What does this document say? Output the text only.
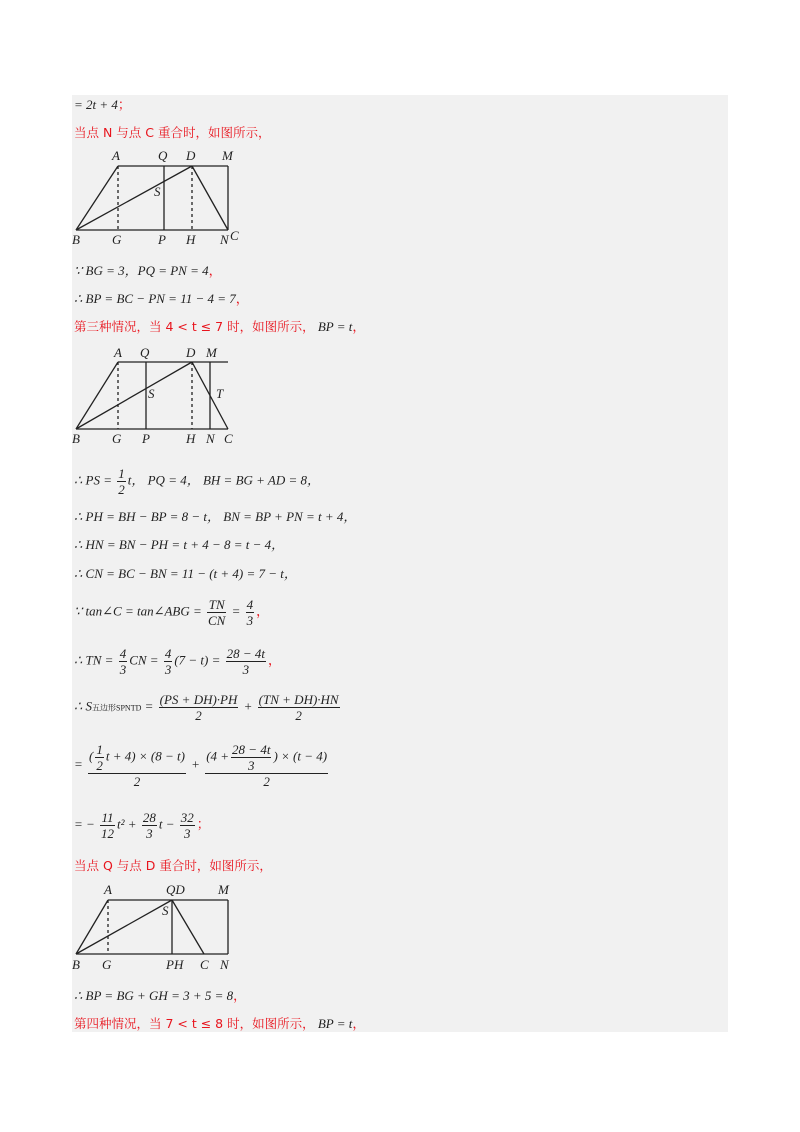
= 2t + 4；
当点 N 与点 C 重合时，如图所示，
A	Q D M
S
B G	P H N C
∵ BG = 3，PQ = PN = 4，
∴ BP = BC − PN = 11 − 4 = 7，
第三种情况，当 4 < t ≤ 7 时，如图所示， BP = t，
A Q	D M
S	T
B G P	H N C
∴ PS = $\frac{1}{2}$ t， PQ = 4， BH = BG + AD = 8，
∴ PH = BH − BP = 8 − t， BN = BP + PN = t + 4，
∴ HN = BN − PH = t + 4 − 8 = t − 4，
∴ CN = BC − BN = 11 − (t + 4) = 7 − t，
∵ tan∠C = tan∠ABG = $\frac{TN}{CN} = \frac{4}{3}$ ，
∴ TN = $\frac{4}{3}$ CN = $\frac{4}{3} (7 - t) = \frac{28 - 4t}{3}$ ，
∴ S五边形SPNTD = $\frac{(PS + DH)\cdot PH}{2} + \frac{(TN + DH)\cdot HN}{2}$
= $\frac{( \frac{1}{2} t + 4) \times (8 - t)}{2} + \frac{(4 + \frac{28 - 4t}{3} ) \times (t - 4)}{2}$
= − $\frac{11}{12} t^2 + \frac{28}{3}$ $t - \frac{32}{3}$ ；
当点 Q 与点 D 重合时，如图所示，
A	QD	M
S
B G	PH C N
∴ BP = BG + GH = 3 + 5 = 8，
第四种情况，当 7 < t ≤ 8 时，如图所示， BP = t，
